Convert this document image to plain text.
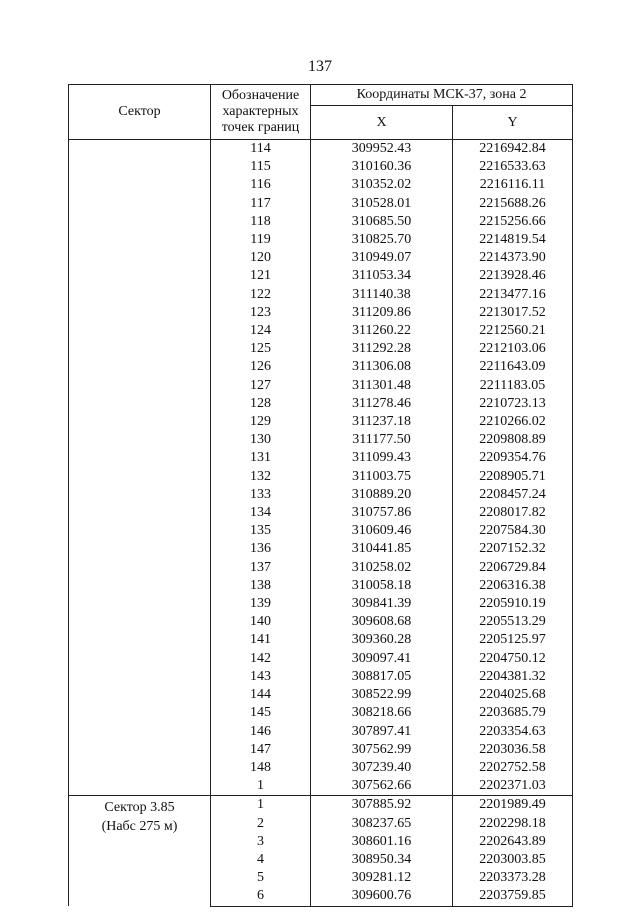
137
Сектор	Обозначение характерных точек границ	Координаты МСК-37, зона 2	
		X	Y
	114	309952.43	2216942.84
	115	310160.36	2216533.63
	116	310352.02	2216116.11
	117	310528.01	2215688.26
	118	310685.50	2215256.66
	119	310825.70	2214819.54
	120	310949.07	2214373.90
	121	311053.34	2213928.46
	122	311140.38	2213477.16
	123	311209.86	2213017.52
	124	311260.22	2212560.21
	125	311292.28	2212103.06
	126	311306.08	2211643.09
	127	311301.48	2211183.05
	128	311278.46	2210723.13
	129	311237.18	2210266.02
	130	311177.50	2209808.89
	131	311099.43	2209354.76
	132	311003.75	2208905.71
	133	310889.20	2208457.24
	134	310757.86	2208017.82
	135	310609.46	2207584.30
	136	310441.85	2207152.32
	137	310258.02	2206729.84
	138	310058.18	2206316.38
	139	309841.39	2205910.19
	140	309608.68	2205513.29
	141	309360.28	2205125.97
	142	309097.41	2204750.12
	143	308817.05	2204381.32
	144	308522.99	2204025.68
	145	308218.66	2203685.79
	146	307897.41	2203354.63
	147	307562.99	2203036.58
	148	307239.40	2202752.58
	1	307562.66	2202371.03

Сектор 3.85
(Набс 275 м)	1	307885.92	2201989.49
	2	308237.65	2202298.18
	3	308601.16	2202643.89
	4	308950.34	2203003.85
	5	309281.12	2203373.28
	6	309600.76	2203759.85
